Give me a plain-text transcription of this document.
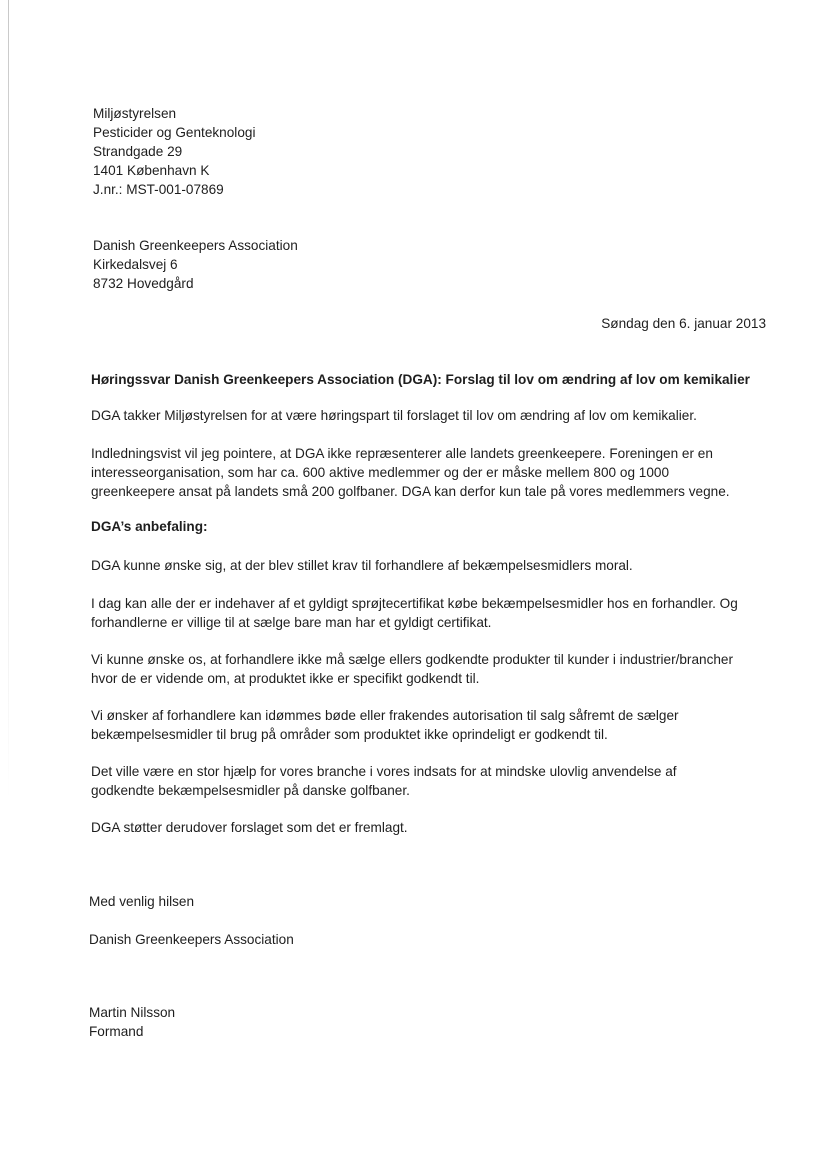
Miljøstyrelsen
Pesticider og Genteknologi
Strandgade 29
1401 København K
J.nr.: MST-001-07869
Danish Greenkeepers Association
Kirkedalsvej 6
8732 Hovedgård
Søndag den 6. januar 2013
Høringssvar Danish Greenkeepers Association (DGA): Forslag til lov om ændring af lov om kemikalier
DGA takker Miljøstyrelsen for at være høringspart til forslaget til lov om ændring af lov om kemikalier.
Indledningsvist vil jeg pointere, at DGA ikke repræsenterer alle landets greenkeepere. Foreningen er en
interesseorganisation, som har ca. 600 aktive medlemmer og der er måske mellem 800 og 1000
greenkeepere ansat på landets små 200 golfbaner. DGA kan derfor kun tale på vores medlemmers vegne.
DGA’s anbefaling:
DGA kunne ønske sig, at der blev stillet krav til forhandlere af bekæmpelsesmidlers moral.
I dag kan alle der er indehaver af et gyldigt sprøjtecertifikat købe bekæmpelsesmidler hos en forhandler. Og
forhandlerne er villige til at sælge bare man har et gyldigt certifikat.
Vi kunne ønske os, at forhandlere ikke må sælge ellers godkendte produkter til kunder i industrier/brancher
hvor de er vidende om, at produktet ikke er specifikt godkendt til.
Vi ønsker af forhandlere kan idømmes bøde eller frakendes autorisation til salg såfremt de sælger
bekæmpelsesmidler til brug på områder som produktet ikke oprindeligt er godkendt til.
Det ville være en stor hjælp for vores branche i vores indsats for at mindske ulovlig anvendelse af
godkendte bekæmpelsesmidler på danske golfbaner.
DGA støtter derudover forslaget som det er fremlagt.
Med venlig hilsen
Danish Greenkeepers Association
Martin Nilsson
Formand
